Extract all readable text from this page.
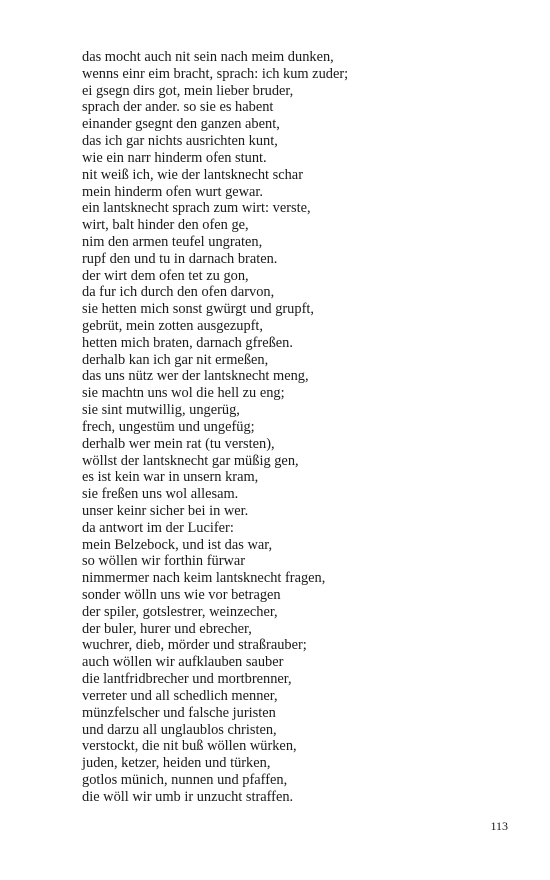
das mocht auch nit sein nach meim dunken,
wenns einr eim bracht, sprach: ich kum zuder;
ei gsegn dirs got, mein lieber bruder,
sprach der ander. so sie es habent
einander gsegnt den ganzen abent,
das ich gar nichts ausrichten kunt,
wie ein narr hinderm ofen stunt.
nit weiß ich, wie der lantsknecht schar
mein hinderm ofen wurt gewar.
ein lantsknecht sprach zum wirt: verste,
wirt, balt hinder den ofen ge,
nim den armen teufel ungraten,
rupf den und tu in darnach braten.
der wirt dem ofen tet zu gon,
da fur ich durch den ofen darvon,
sie hetten mich sonst gwürgt und grupft,
gebrüt, mein zotten ausgezupft,
hetten mich braten, darnach gfreßen.
derhalb kan ich gar nit ermeßen,
das uns nütz wer der lantsknecht meng,
sie machtn uns wol die hell zu eng;
sie sint mutwillig, ungerüg,
frech, ungestüm und ungefüg;
derhalb wer mein rat (tu versten),
wöllst der lantsknecht gar müßig gen,
es ist kein war in unsern kram,
sie freßen uns wol allesam.
unser keinr sicher bei in wer.
da antwort im der Lucifer:
mein Belzebock, und ist das war,
so wöllen wir forthin fürwar
nimmermer nach keim lantsknecht fragen,
sonder wölln uns wie vor betragen
der spiler, gotslestrer, weinzecher,
der buler, hurer und ebrecher,
wuchrer, dieb, mörder und straßrauber;
auch wöllen wir aufklauben sauber
die lantfridbrecher und mortbrenner,
verreter und all schedlich menner,
münzfelscher und falsche juristen
und darzu all unglaublos christen,
verstockt, die nit buß wöllen würken,
juden, ketzer, heiden und türken,
gotlos münich, nunnen und pfaffen,
die wöll wir umb ir unzucht straffen.
113
